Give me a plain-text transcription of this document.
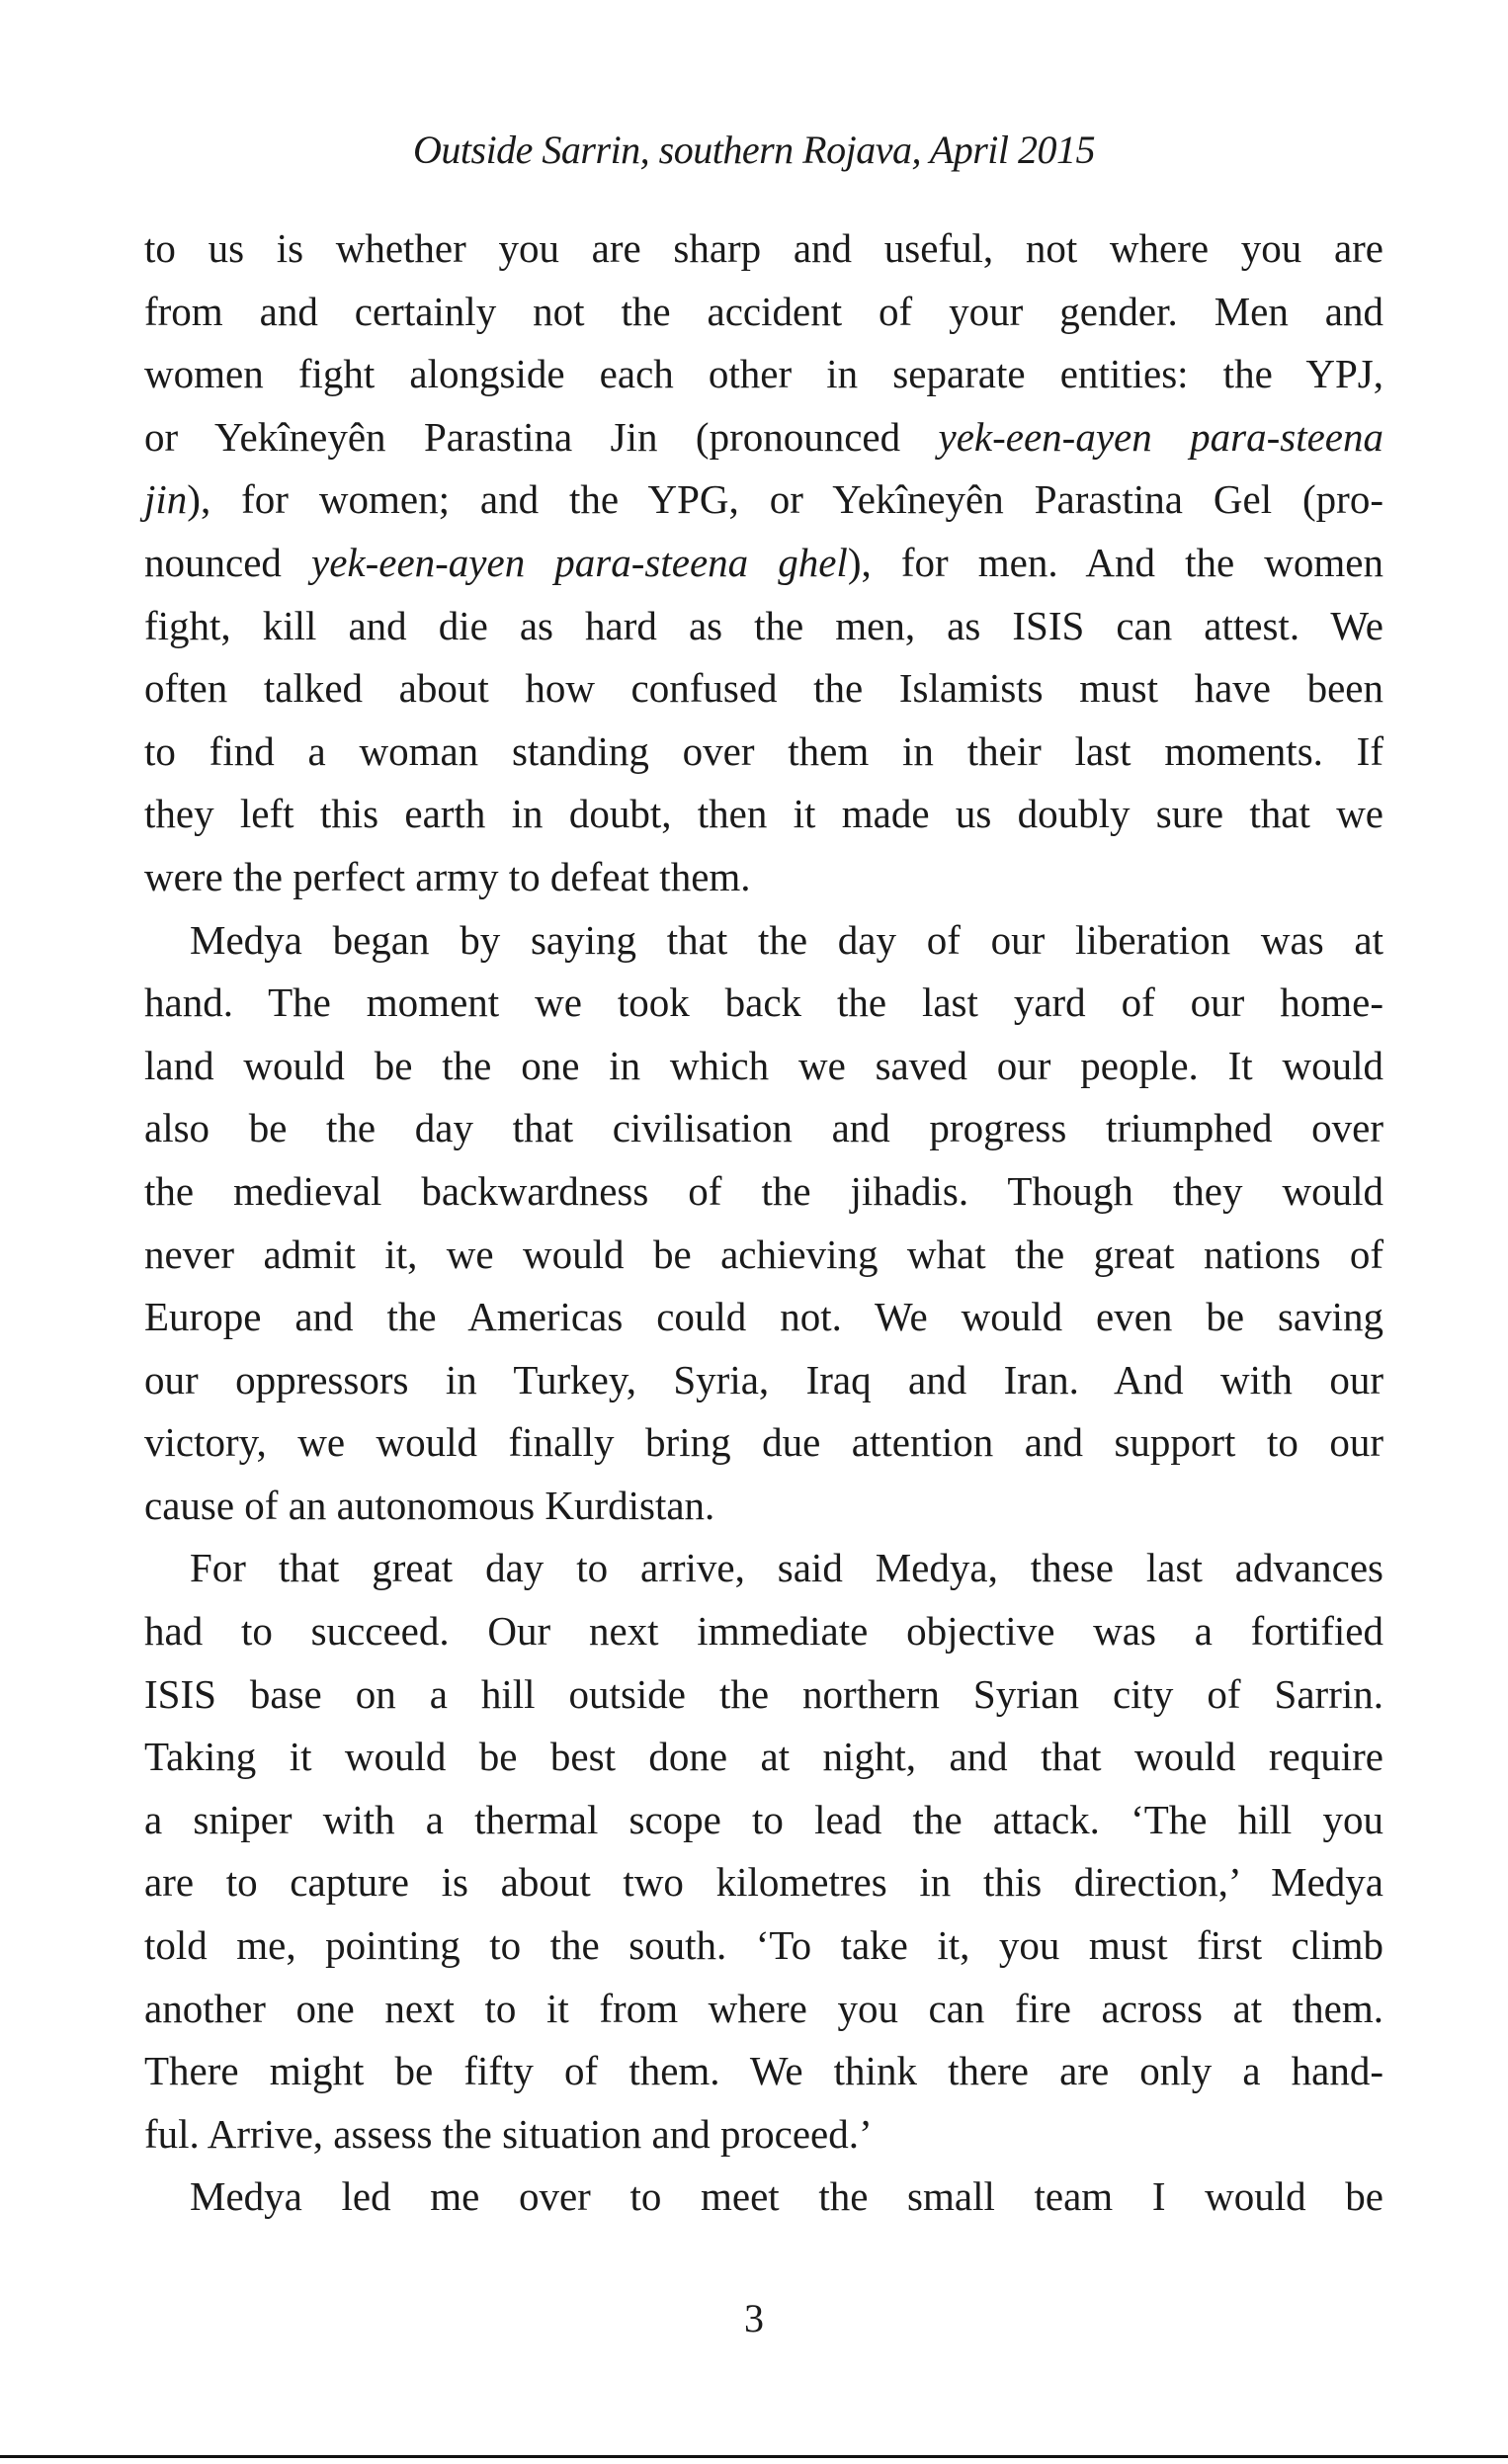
Outside Sarrin, southern Rojava, April 2015
to us is whether you are sharp and useful, not where you are
from and certainly not the accident of your gender. Men and
women fight alongside each other in separate entities: the YPJ,
or Yekîneyên Parastina Jin (pronounced yek-een-ayen para-steena
jin), for women; and the YPG, or Yekîneyên Parastina Gel (pro-
nounced yek-een-ayen para-steena ghel), for men. And the women
fight, kill and die as hard as the men, as ISIS can attest. We
often talked about how confused the Islamists must have been
to find a woman standing over them in their last moments. If
they left this earth in doubt, then it made us doubly sure that we
were the perfect army to defeat them.
Medya began by saying that the day of our liberation was at
hand. The moment we took back the last yard of our home-
land would be the one in which we saved our people. It would
also be the day that civilisation and progress triumphed over
the medieval backwardness of the jihadis. Though they would
never admit it, we would be achieving what the great nations of
Europe and the Americas could not. We would even be saving
our oppressors in Turkey, Syria, Iraq and Iran. And with our
victory, we would finally bring due attention and support to our
cause of an autonomous Kurdistan.
For that great day to arrive, said Medya, these last advances
had to succeed. Our next immediate objective was a fortified
ISIS base on a hill outside the northern Syrian city of Sarrin.
Taking it would be best done at night, and that would require
a sniper with a thermal scope to lead the attack. ‘The hill you
are to capture is about two kilometres in this direction,’ Medya
told me, pointing to the south. ‘To take it, you must first climb
another one next to it from where you can fire across at them.
There might be fifty of them. We think there are only a hand-
ful. Arrive, assess the situation and proceed.’
Medya led me over to meet the small team I would be
3
